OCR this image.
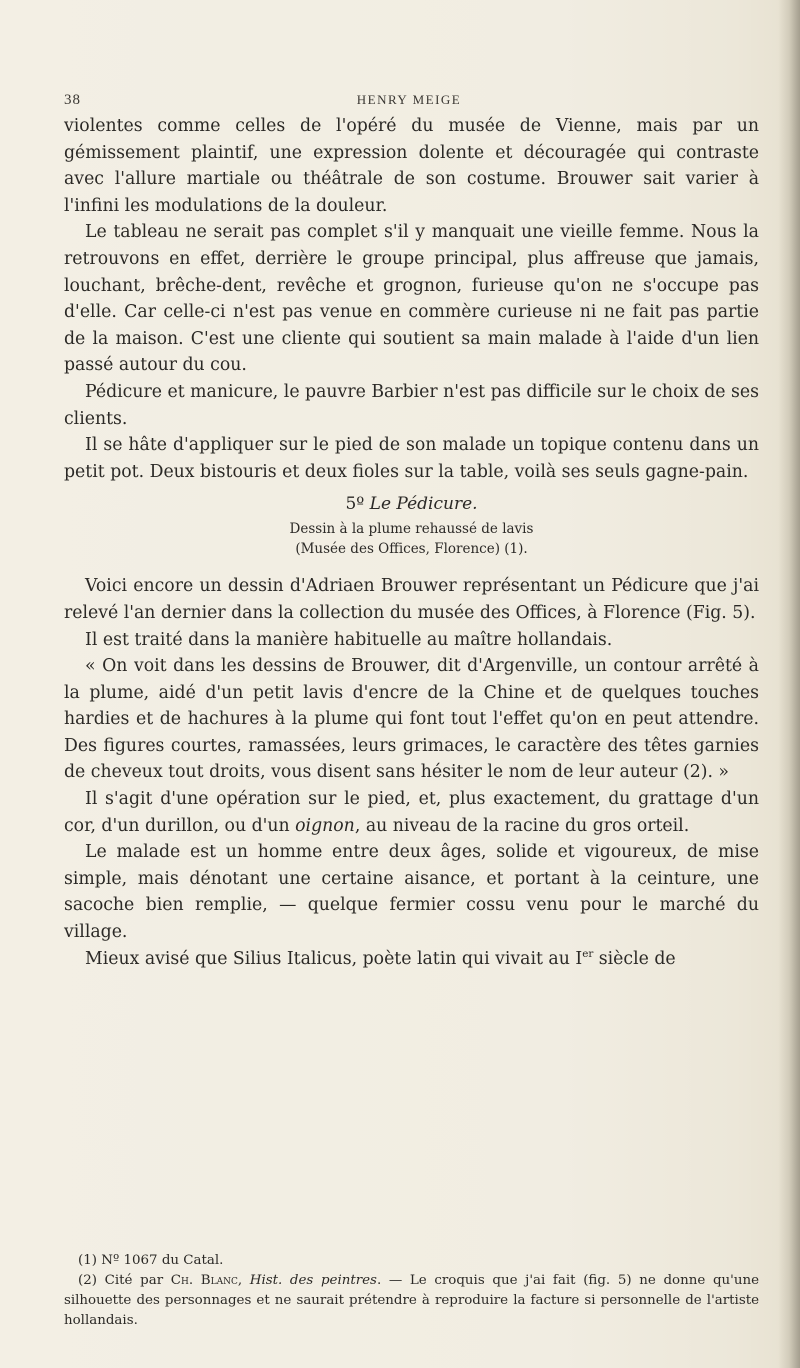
38	HENRY MEIGE

violentes comme celles de l'opéré du musée de Vienne, mais par un gémissement plaintif, une expression dolente et découragée qui contraste avec l'allure martiale ou théâtrale de son costume. Brouwer sait varier à l'infini les modulations de la douleur.

Le tableau ne serait pas complet s'il y manquait une vieille femme. Nous la retrouvons en effet, derrière le groupe principal, plus affreuse que jamais, louchant, brêche-dent, revêche et grognon, furieuse qu'on ne s'occupe pas d'elle. Car celle-ci n'est pas venue en commère curieuse ni ne fait pas partie de la maison. C'est une cliente qui soutient sa main malade à l'aide d'un lien passé autour du cou.

Pédicure et manicure, le pauvre Barbier n'est pas difficile sur le choix de ses clients.

Il se hâte d'appliquer sur le pied de son malade un topique contenu dans un petit pot. Deux bistouris et deux fioles sur la table, voilà ses seuls gagne-pain.

5º Le Pédicure.
Dessin à la plume rehaussé de lavis
(Musée des Offices, Florence) (1).

Voici encore un dessin d'Adriaen Brouwer représentant un Pédicure que j'ai relevé l'an dernier dans la collection du musée des Offices, à Florence (Fig. 5).

Il est traité dans la manière habituelle au maître hollandais.

« On voit dans les dessins de Brouwer, dit d'Argenville, un contour arrêté à la plume, aidé d'un petit lavis d'encre de la Chine et de quelques touches hardies et de hachures à la plume qui font tout l'effet qu'on en peut attendre. Des figures courtes, ramassées, leurs grimaces, le caractère des têtes garnies de cheveux tout droits, vous disent sans hésiter le nom de leur auteur (2). »

Il s'agit d'une opération sur le pied, et, plus exactement, du grattage d'un cor, d'un durillon, ou d'un oignon, au niveau de la racine du gros orteil.

Le malade est un homme entre deux âges, solide et vigoureux, de mise simple, mais dénotant une certaine aisance, et portant à la ceinture, une sacoche bien remplie, — quelque fermier cossu venu pour le marché du village.

Mieux avisé que Silius Italicus, poète latin qui vivait au Ier siècle de

(1) Nº 1067 du Catal.

(2) Cité par Ch. Blanc, Hist. des peintres. — Le croquis que j'ai fait (fig. 5) ne donne qu'une silhouette des personnages et ne saurait prétendre à reproduire la facture si personnelle de l'artiste hollandais.
